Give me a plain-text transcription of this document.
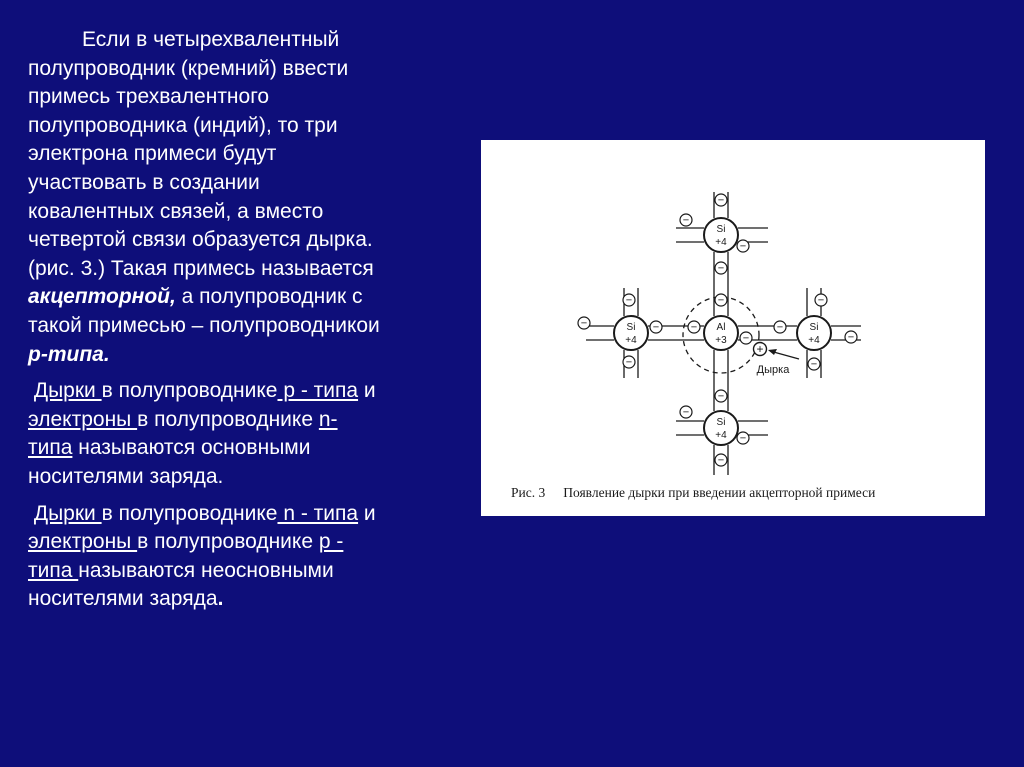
Если в четырехвалентный
полупроводник (кремний) ввести
примесь трехвалентного
полупроводника (индий), то три
электрона примеси будут
участвовать в создании
ковалентных связей, а вместо
четвертой связи образуется дырка.
(рис. 3.) Такая примесь называется
акцепторной, а полупроводник с
такой примесью – полупроводникои
p-типа.

Дырки в полупроводнике p - типа и
электроны в полупроводнике n-
типа называются основными
носителями заряда.

Дырки в полупроводнике n - типа и
электроны в полупроводнике p -
типа называются неосновными
носителями заряда.

Si
+4
Si
+4
Al
+3
Si
+4
Si
+4
−
−
−
−
−	−
−
−
−
−
−
−
−
−
−
−
−
−
−
+
Дырка
Рис. 3 Появление дырки при введении акцепторной примеси
